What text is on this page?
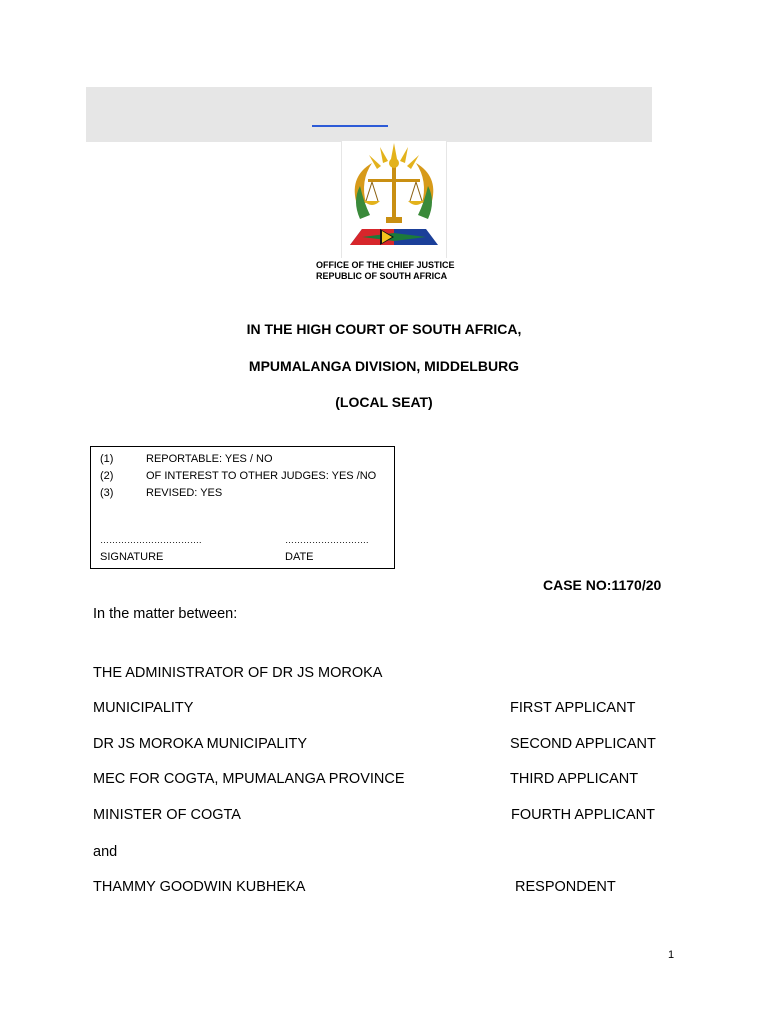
OFFICE OF THE CHIEF JUSTICE
REPUBLIC OF SOUTH AFRICA
IN THE HIGH COURT OF SOUTH AFRICA,
MPUMALANGA DIVISION, MIDDELBURG
(LOCAL SEAT)
(1)	REPORTABLE: YES / NO
(2)	OF INTEREST TO OTHER JUDGES: YES /NO
(3)	REVISED: YES
…………………………….	……………………….
SIGNATURE	DATE
CASE NO:1170/20
In the matter between:
THE ADMINISTRATOR OF DR JS MOROKA
MUNICIPALITY	FIRST APPLICANT
DR JS MOROKA MUNICIPALITY	SECOND APPLICANT
MEC FOR COGTA, MPUMALANGA PROVINCE	THIRD APPLICANT
MINISTER OF COGTA	FOURTH APPLICANT
and
THAMMY GOODWIN KUBHEKA	RESPONDENT
1
